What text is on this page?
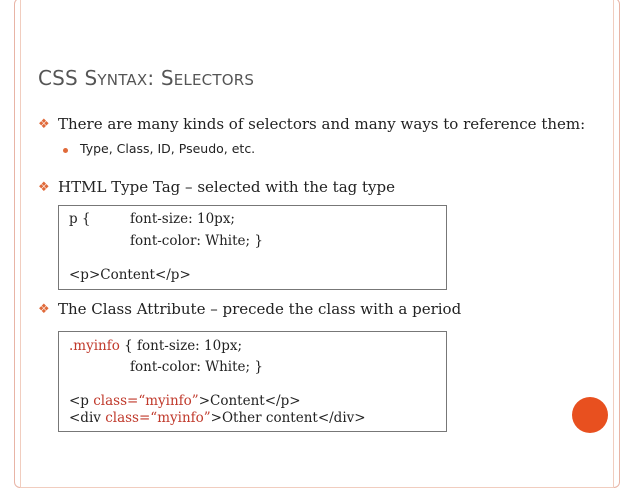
CSS SYNTAX: SELECTORS
❖ There are many kinds of selectors and many ways to reference them:
Type, Class, ID, Pseudo, etc.
❖ HTML Type Tag – selected with the tag type
p {	font-size: 10px;
font-color: White; }
<p>Content</p>
❖ The Class Attribute – precede the class with a period
.myinfo { font-size: 10px;
font-color: White; }
<p class=“myinfo”>Content</p>
<div class=“myinfo”>Other content</div>
